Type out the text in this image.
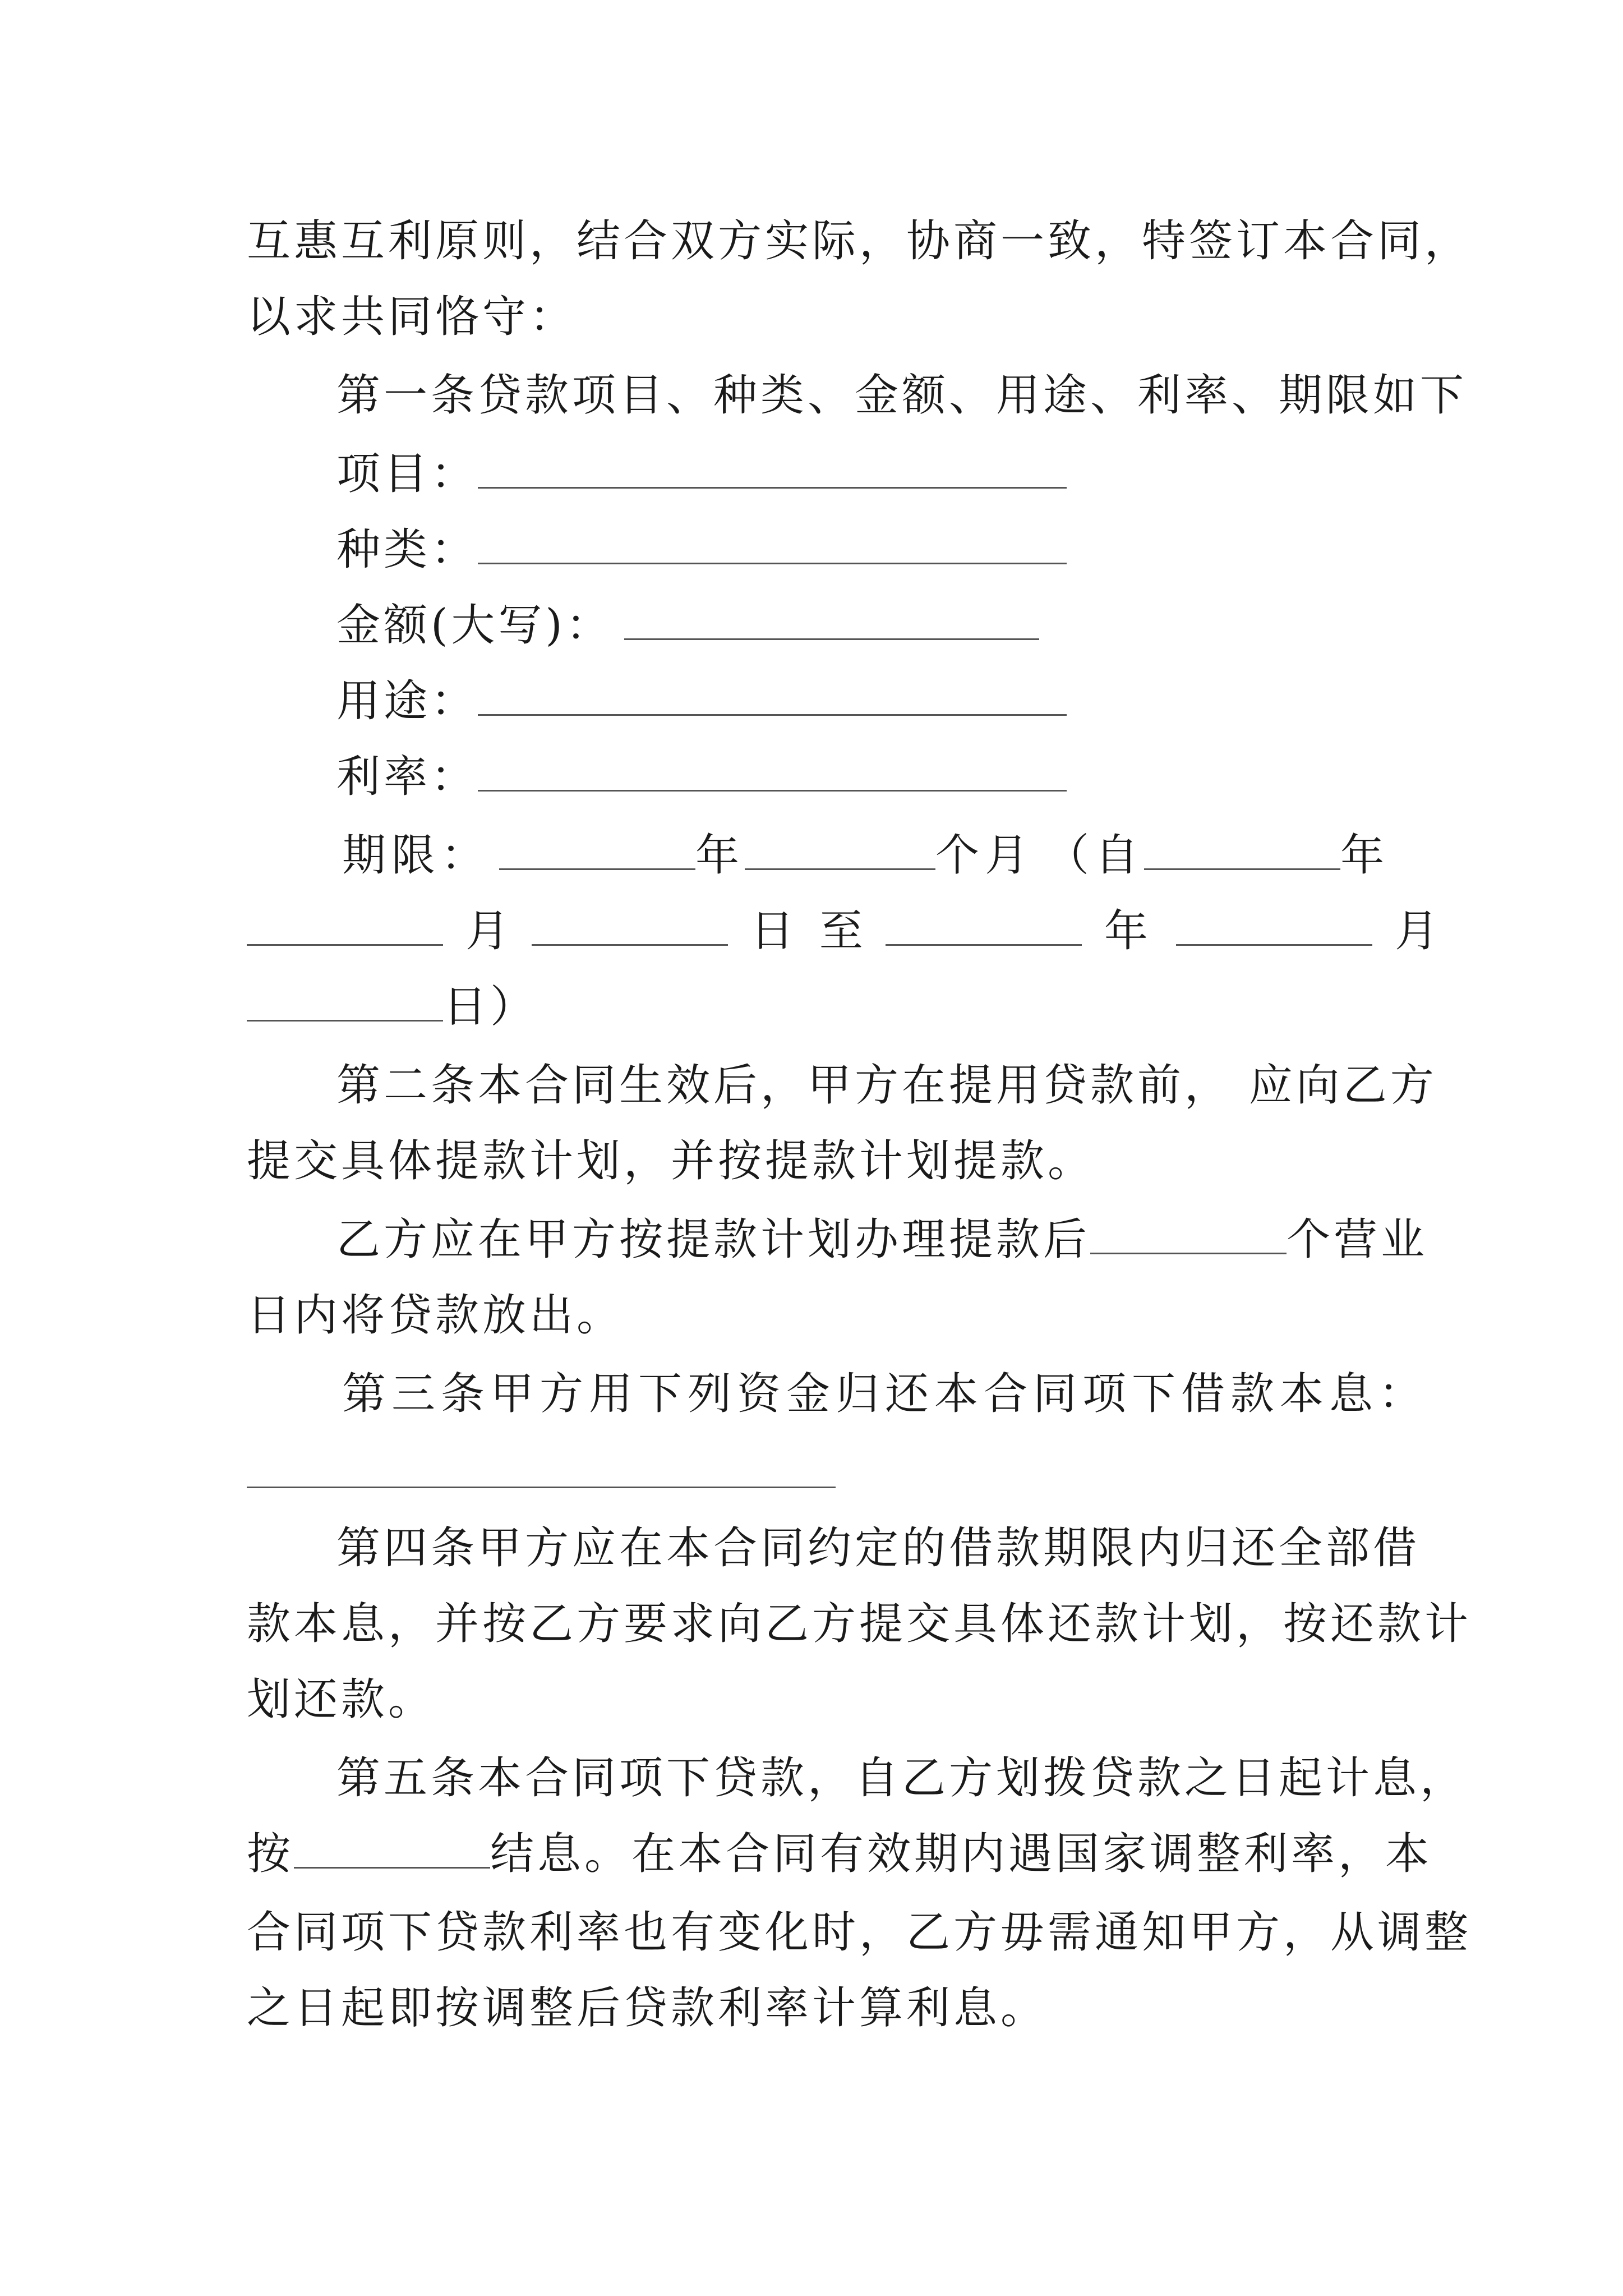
互惠互利原则，结合双方实际，协商一致，特签订本合同，
以求共同恪守：
第一条贷款项目、种类、金额、用途、利率、期限如下
项目：
种类：
金额(大写)：
用途：
利率：
期限：	年	个月 （自	年
月	日 至	年	月
日）
第二条本合同生效后，甲方在提用贷款前， 应向乙方
提交具体提款计划，并按提款计划提款。
乙方应在甲方按提款计划办理提款后	个营业
日内将贷款放出。
第三条甲方用下列资金归还本合同项下借款本息：
第四条甲方应在本合同约定的借款期限内归还全部借
款本息，并按乙方要求向乙方提交具体还款计划，按还款计
划还款。
第五条本合同项下贷款，自乙方划拨贷款之日起计息，
按	结息。在本合同有效期内遇国家调整利率，本
合同项下贷款利率也有变化时，乙方毋需通知甲方，从调整
之日起即按调整后贷款利率计算利息。
